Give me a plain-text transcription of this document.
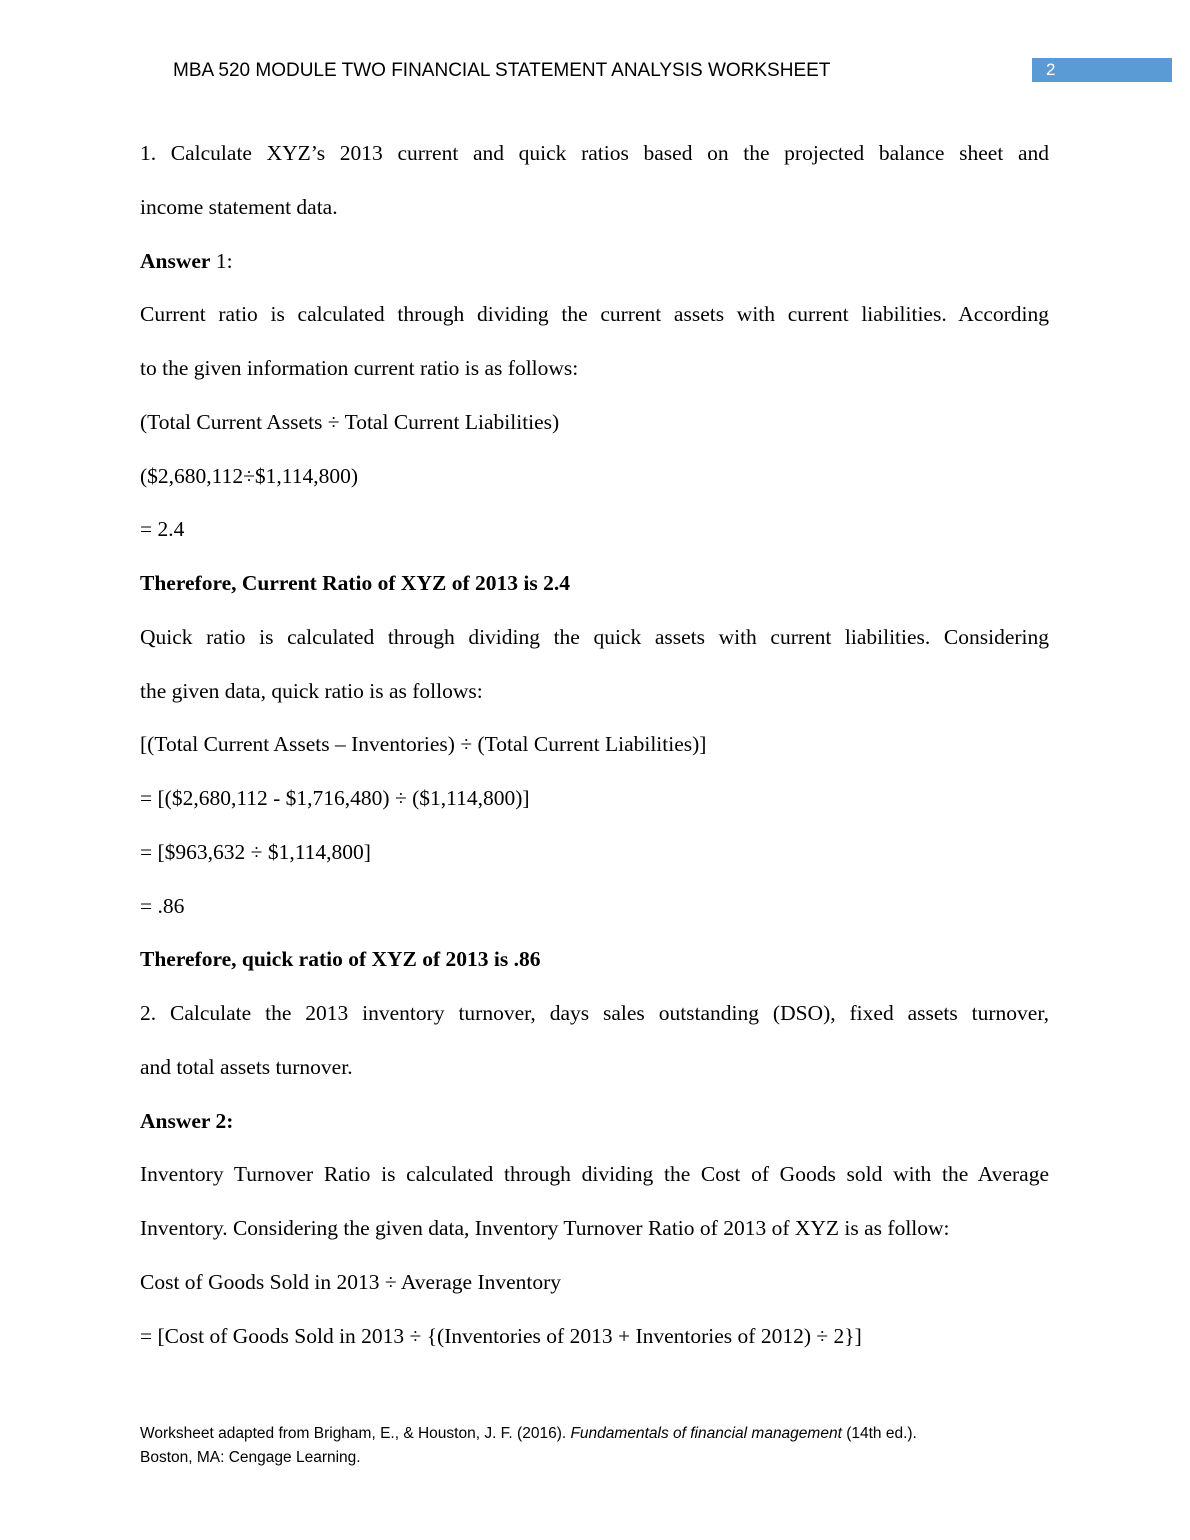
MBA 520 MODULE TWO FINANCIAL STATEMENT ANALYSIS WORKSHEET	2
1. Calculate XYZ’s 2013 current and quick ratios based on the projected balance sheet and
income statement data.
Answer 1:
Current ratio is calculated through dividing the current assets with current liabilities. According
to the given information current ratio is as follows:
(Total Current Assets ÷ Total Current Liabilities)
($2,680,112÷$1,114,800)
= 2.4
Therefore, Current Ratio of XYZ of 2013 is 2.4
Quick ratio is calculated through dividing the quick assets with current liabilities. Considering
the given data, quick ratio is as follows:
[(Total Current Assets – Inventories) ÷ (Total Current Liabilities)]
= [($2,680,112 - $1,716,480) ÷ ($1,114,800)]
= [$963,632 ÷ $1,114,800]
= .86
Therefore, quick ratio of XYZ of 2013 is .86
2. Calculate the 2013 inventory turnover, days sales outstanding (DSO), fixed assets turnover,
and total assets turnover.
Answer 2:
Inventory Turnover Ratio is calculated through dividing the Cost of Goods sold with the Average
Inventory. Considering the given data, Inventory Turnover Ratio of 2013 of XYZ is as follow:
Cost of Goods Sold in 2013 ÷ Average Inventory
= [Cost of Goods Sold in 2013 ÷ {(Inventories of 2013 + Inventories of 2012) ÷ 2}]
Worksheet adapted from Brigham, E., & Houston, J. F. (2016). Fundamentals of financial management (14th ed.).
Boston, MA: Cengage Learning.
